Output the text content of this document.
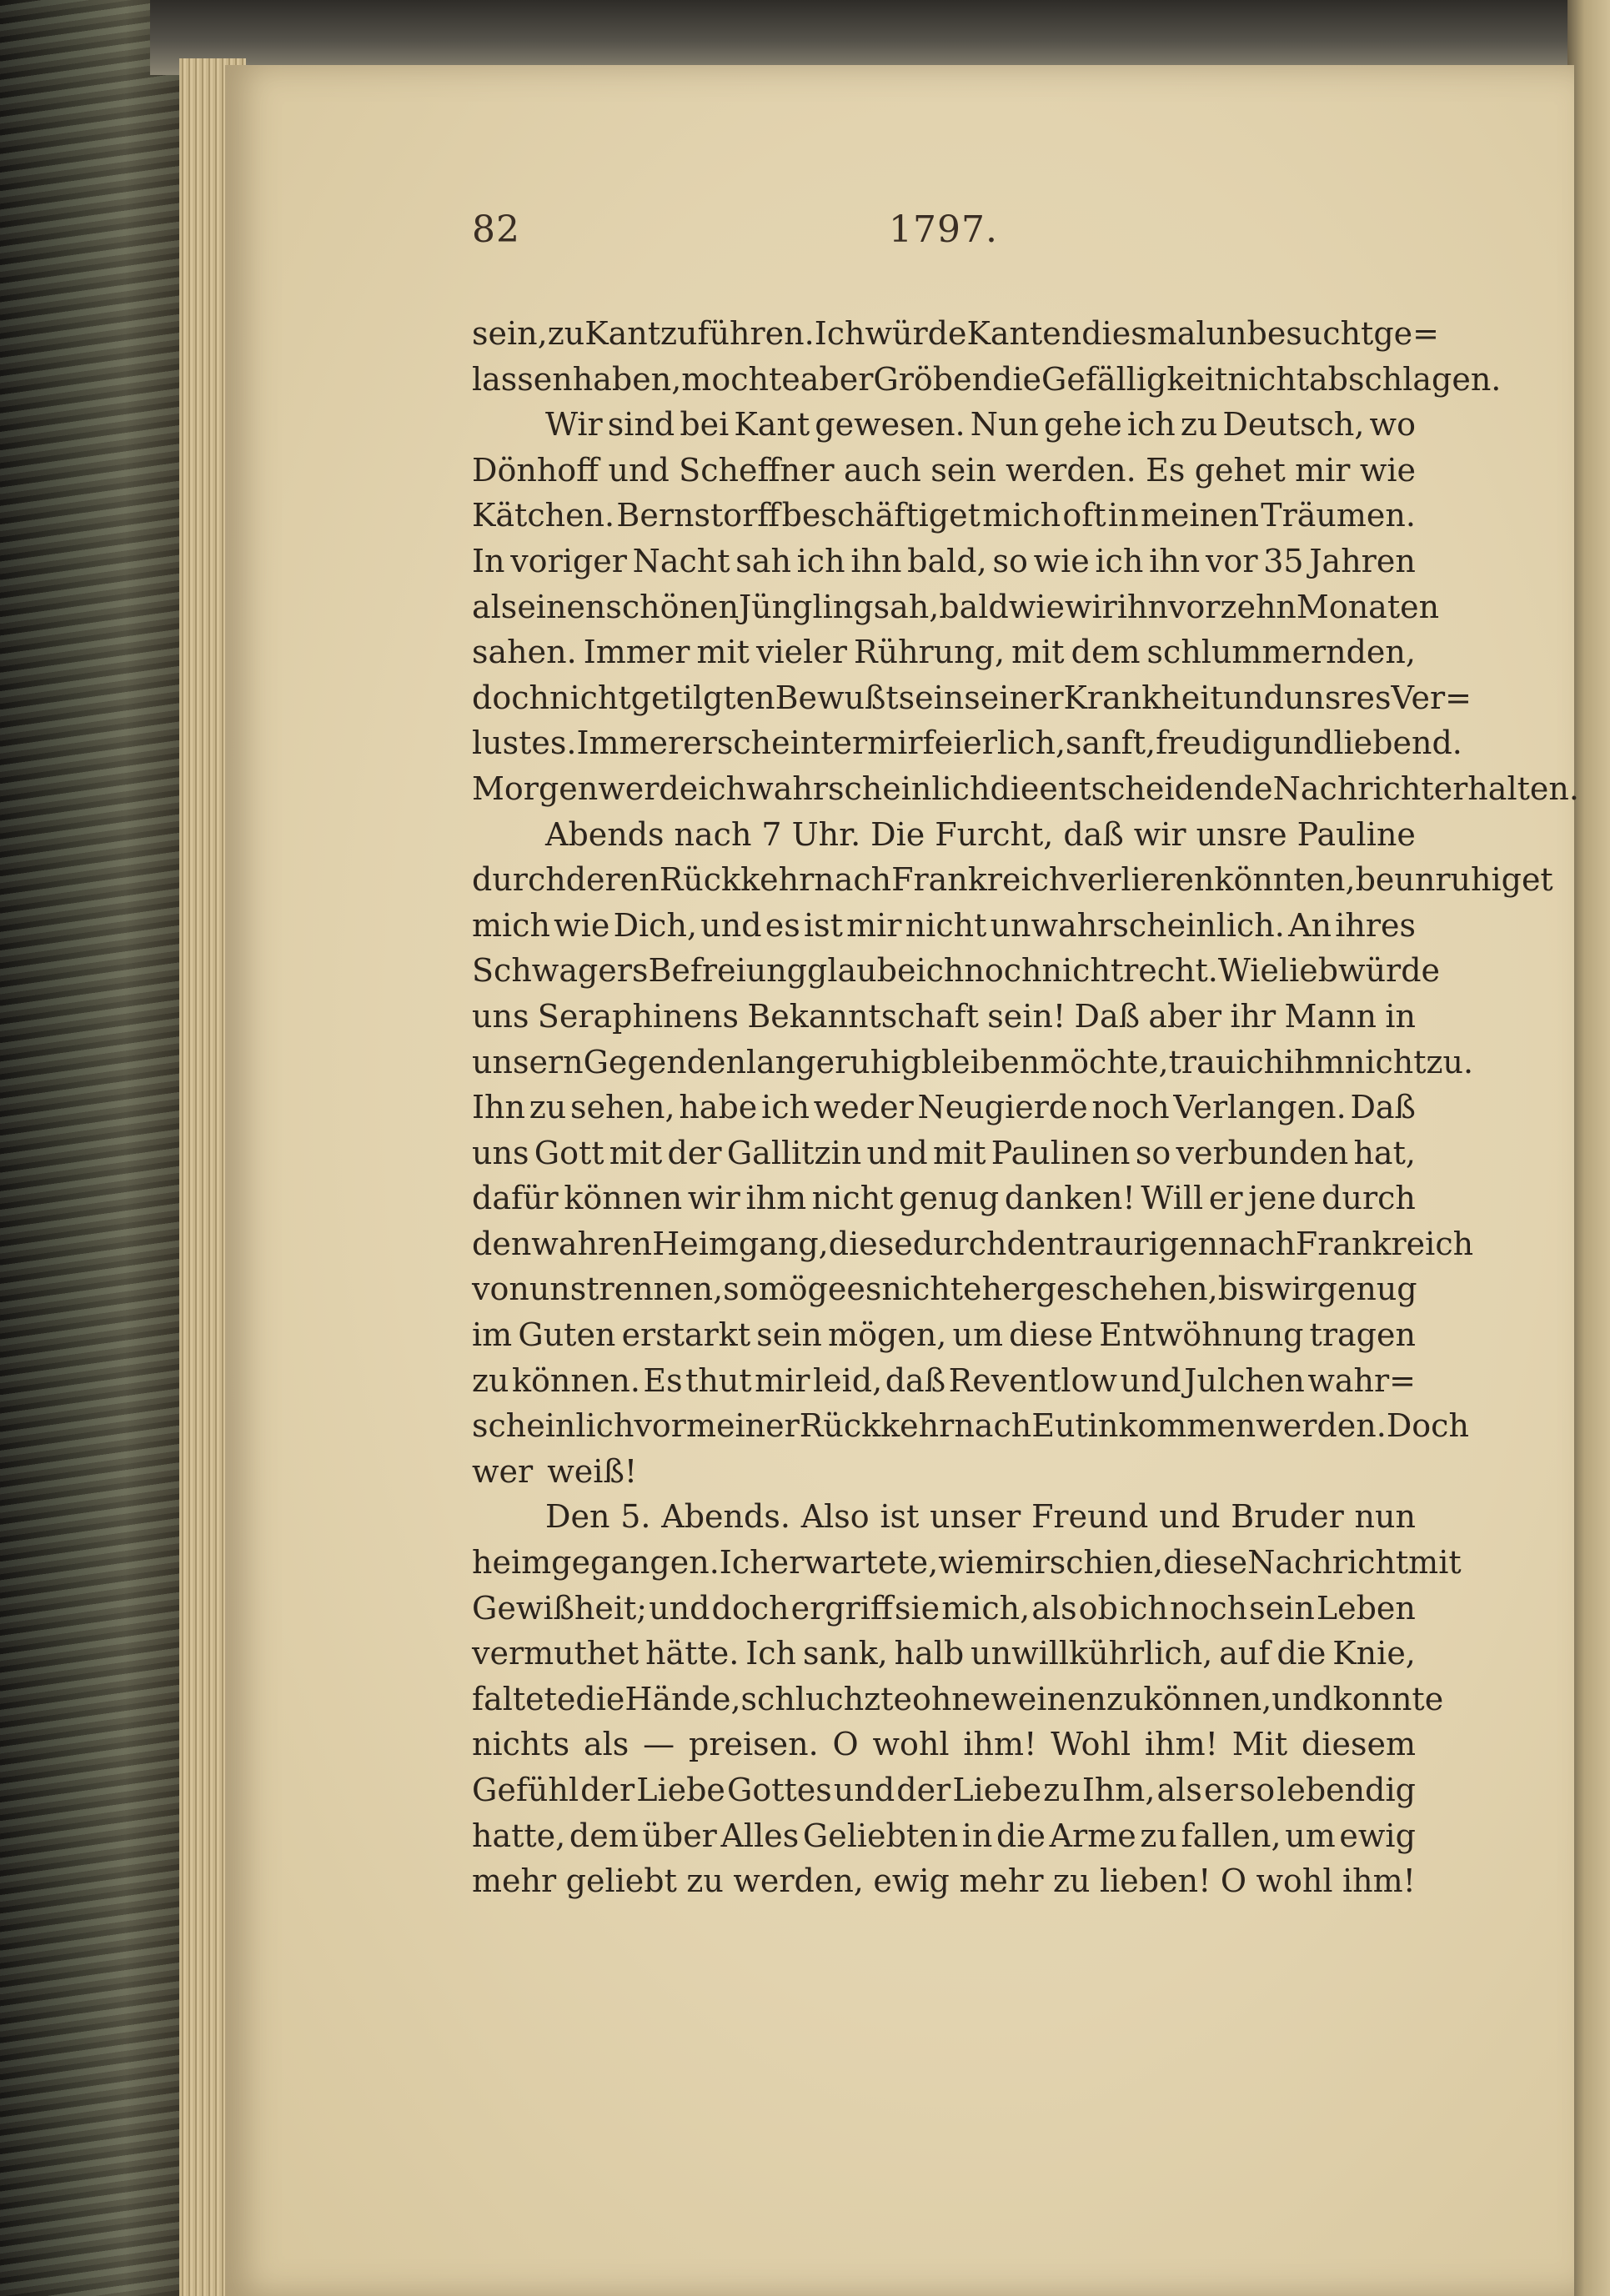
82	1797.
sein, zu Kant zu führen. Ich würde Kanten diesmal unbesucht ge=
lassen haben, mochte aber Gröben die Gefälligkeit nicht abschlagen.
Wir sind bei Kant gewesen. Nun gehe ich zu Deutsch, wo
Dönhoff und Scheffner auch sein werden. Es gehet mir wie
Kätchen. Bernstorff beschäftiget mich oft in meinen Träumen.
In voriger Nacht sah ich ihn bald, so wie ich ihn vor 35 Jahren
als einen schönen Jüngling sah, bald wie wir ihn vor zehn Monaten
sahen. Immer mit vieler Rührung, mit dem schlummernden,
doch nicht getilgten Bewußtsein seiner Krankheit und unsres Ver=
lustes. Immer erscheint er mir feierlich, sanft, freudig und liebend.
Morgen werde ich wahrscheinlich die entscheidende Nachricht erhalten.
Abends nach 7 Uhr. Die Furcht, daß wir unsre Pauline
durch deren Rückkehr nach Frankreich verlieren könnten, beunruhiget
mich wie Dich, und es ist mir nicht unwahrscheinlich. An ihres
Schwagers Befreiung glaube ich noch nicht recht. Wie lieb würde
uns Seraphinens Bekanntschaft sein! Daß aber ihr Mann in
unsern Gegenden lange ruhig bleiben möchte, trau ich ihm nicht zu.
Ihn zu sehen, habe ich weder Neugierde noch Verlangen. Daß
uns Gott mit der Gallitzin und mit Paulinen so verbunden hat,
dafür können wir ihm nicht genug danken! Will er jene durch
den wahren Heimgang, diese durch den traurigen nach Frankreich
von uns trennen, so möge es nicht eher geschehen, bis wir genug
im Guten erstarkt sein mögen, um diese Entwöhnung tragen
zu können. Es thut mir leid, daß Reventlow und Julchen wahr=
scheinlich vor meiner Rückkehr nach Eutin kommen werden. Doch
wer weiß!
Den 5. Abends. Also ist unser Freund und Bruder nun
heimgegangen. Ich erwartete, wie mir schien, diese Nachricht mit
Gewißheit; und doch ergriff sie mich, als ob ich noch sein Leben
vermuthet hätte. Ich sank, halb unwillkührlich, auf die Knie,
faltete die Hände, schluchzte ohne weinen zu können, und konnte
nichts als — preisen. O wohl ihm! Wohl ihm! Mit diesem
Gefühl der Liebe Gottes und der Liebe zu Ihm, als er so lebendig
hatte, dem über Alles Geliebten in die Arme zu fallen, um ewig
mehr geliebt zu werden, ewig mehr zu lieben! O wohl ihm!
